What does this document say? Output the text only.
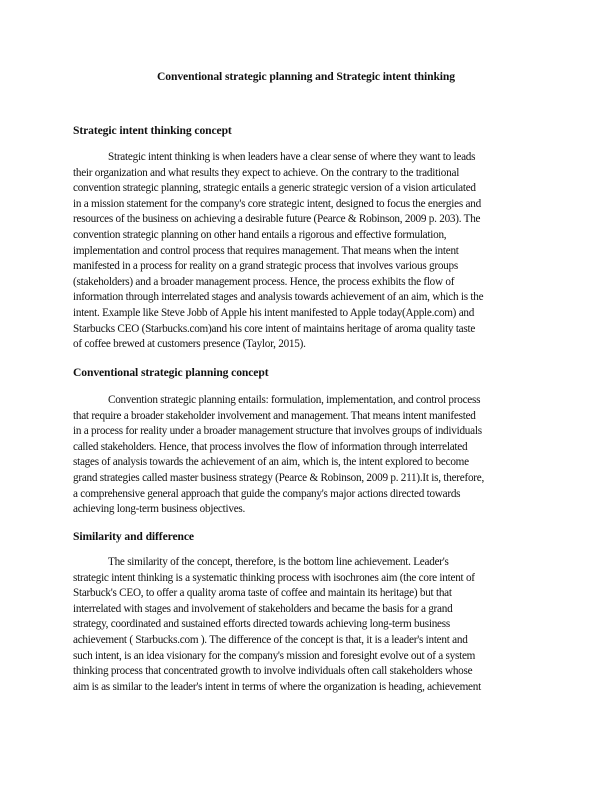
Conventional strategic planning and Strategic intent thinking
Strategic intent thinking concept
Strategic intent thinking is when leaders have a clear sense of where they want to leads
their organization and what results they expect to achieve. On the contrary to the traditional
convention strategic planning, strategic entails a generic strategic version of a vision articulated
in a mission statement for the company's core strategic intent, designed to focus the energies and
resources of the business on achieving a desirable future (Pearce & Robinson, 2009 p. 203). The
convention strategic planning on other hand entails a rigorous and effective formulation,
implementation and control process that requires management. That means when the intent
manifested in a process for reality on a grand strategic process that involves various groups
(stakeholders) and a broader management process. Hence, the process exhibits the flow of
information through interrelated stages and analysis towards achievement of an aim, which is the
intent. Example like Steve Jobb of Apple his intent manifested to Apple today(Apple.com) and
Starbucks CEO (Starbucks.com)and his core intent of maintains heritage of aroma quality taste
of coffee brewed at customers presence (Taylor, 2015).
Conventional strategic planning concept
Convention strategic planning entails: formulation, implementation, and control process
that require a broader stakeholder involvement and management. That means intent manifested
in a process for reality under a broader management structure that involves groups of individuals
called stakeholders. Hence, that process involves the flow of information through interrelated
stages of analysis towards the achievement of an aim, which is, the intent explored to become
grand strategies called master business strategy (Pearce & Robinson, 2009 p. 211).It is, therefore,
a comprehensive general approach that guide the company's major actions directed towards
achieving long-term business objectives.
Similarity and difference
The similarity of the concept, therefore, is the bottom line achievement. Leader's
strategic intent thinking is a systematic thinking process with isochrones aim (the core intent of
Starbuck's CEO, to offer a quality aroma taste of coffee and maintain its heritage) but that
interrelated with stages and involvement of stakeholders and became the basis for a grand
strategy, coordinated and sustained efforts directed towards achieving long-term business
achievement ( Starbucks.com ). The difference of the concept is that, it is a leader's intent and
such intent, is an idea visionary for the company's mission and foresight evolve out of a system
thinking process that concentrated growth to involve individuals often call stakeholders whose
aim is as similar to the leader's intent in terms of where the organization is heading, achievement
